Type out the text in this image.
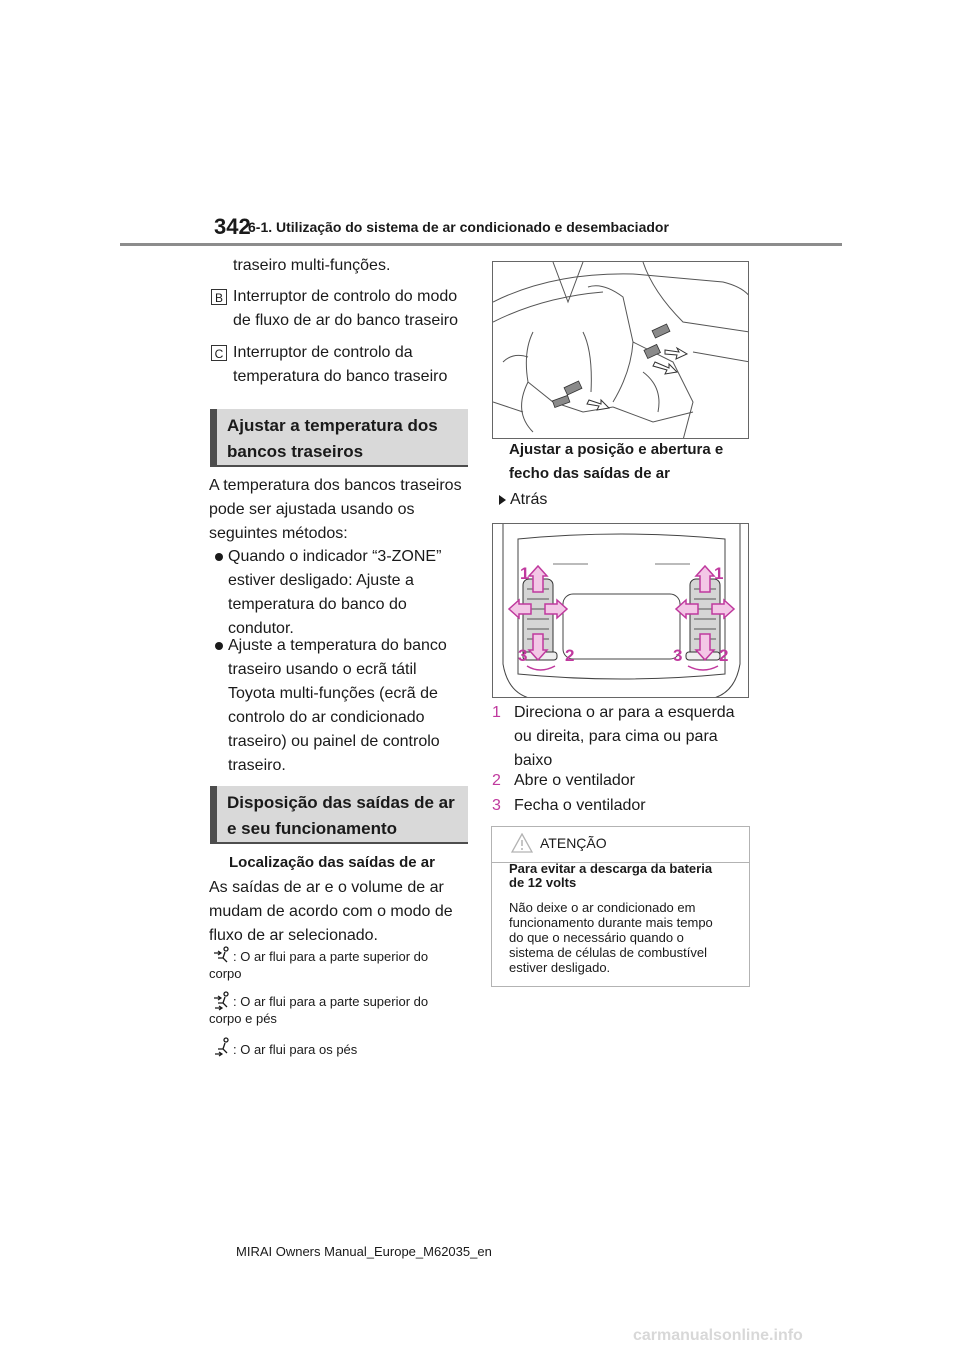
342
6-1. Utilização do sistema de ar condicionado e desembaciador
traseiro multi-funções.
B Interruptor de controlo do modo
de fluxo de ar do banco traseiro
C Interruptor de controlo da
temperatura do banco traseiro
Ajustar a temperatura dos
bancos traseiros
A temperatura dos bancos traseiros
pode ser ajustada usando os
seguintes métodos:
Quando o indicador “3-ZONE”
estiver desligado: Ajuste a
temperatura do banco do
condutor.
Ajuste a temperatura do banco
traseiro usando o ecrã tátil
Toyota multi-funções (ecrã de
controlo do ar condicionado
traseiro) ou painel de controlo
traseiro.
Disposição das saídas de ar
e seu funcionamento
Localização das saídas de ar
As saídas de ar e o volume de ar
mudam de acordo com o modo de
fluxo de ar selecionado.
: O ar flui para a parte superior do
corpo
: O ar flui para a parte superior do
corpo e pés
: O ar flui para os pés
Ajustar a posição e abertura e
fecho das saídas de ar
Atrás
1	1
3 2	3 2
1 Direciona o ar para a esquerda
ou direita, para cima ou para
baixo
2 Abre o ventilador
3 Fecha o ventilador
ATENÇÃO
Para evitar a descarga da bateria
de 12 volts
Não deixe o ar condicionado em
funcionamento durante mais tempo
do que o necessário quando o
sistema de células de combustível
estiver desligado.
MIRAI Owners Manual_Europe_M62035_en
carmanualsonline.info
